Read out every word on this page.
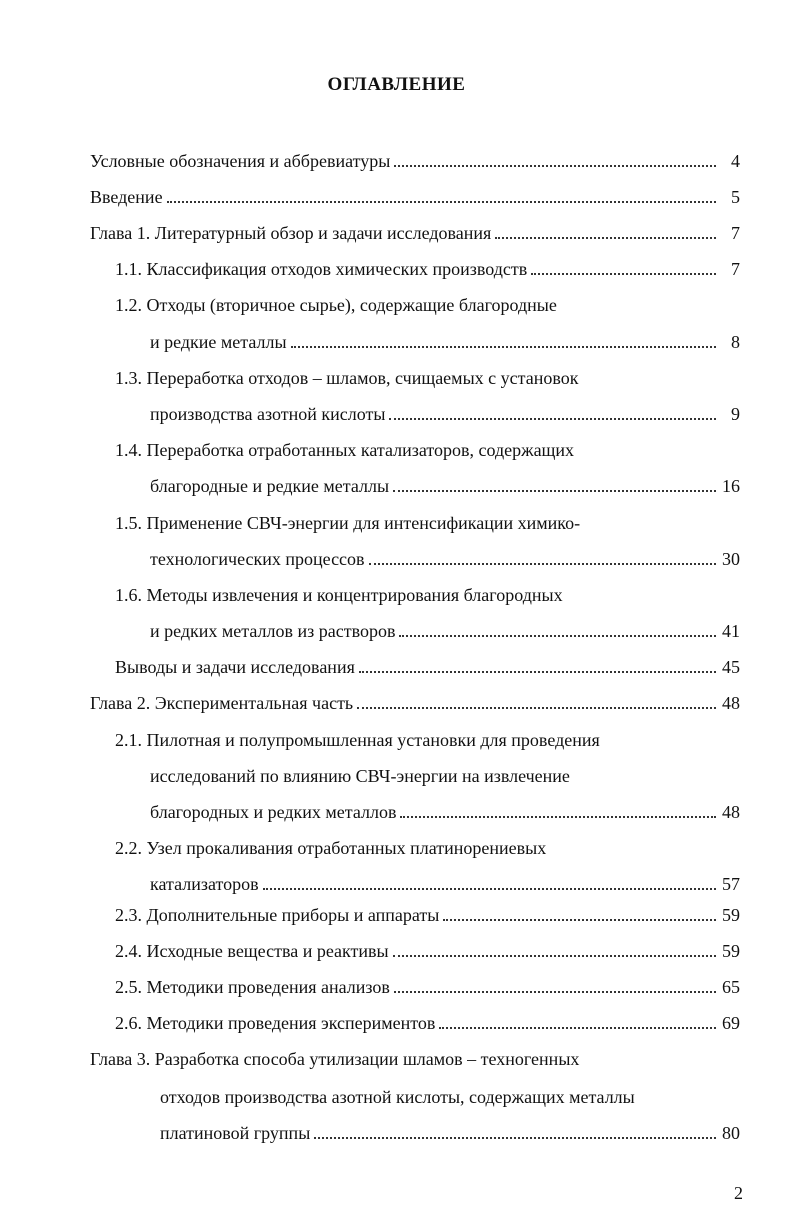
ОГЛАВЛЕНИЕ
Условные обозначения и аббревиатуры	4
Введение	5
Глава 1. Литературный обзор и задачи исследования	7
1.1. Классификация отходов химических производств	7
1.2. Отходы (вторичное сырье), содержащие благородные
и редкие металлы	8
1.3. Переработка отходов – шламов, счищаемых с установок
производства азотной кислоты	9
1.4. Переработка отработанных катализаторов, содержащих
благородные и редкие металлы	16
1.5. Применение СВЧ-энергии для интенсификации химико-
технологических процессов	30
1.6. Методы извлечения и концентрирования благородных
и редких металлов из растворов	41
Выводы и задачи исследования	45
Глава 2. Экспериментальная часть	48
2.1. Пилотная и полупромышленная установки для проведения
исследований по влиянию СВЧ-энергии на извлечение
благородных и редких металлов	48
2.2. Узел прокаливания отработанных платинорениевых
катализаторов	57
2.3. Дополнительные приборы и аппараты	59
2.4. Исходные вещества и реактивы	59
2.5. Методики проведения анализов	65
2.6. Методики проведения экспериментов	69
Глава 3. Разработка способа утилизации шламов – техногенных
отходов производства азотной кислоты, содержащих металлы
платиновой группы	80
2
